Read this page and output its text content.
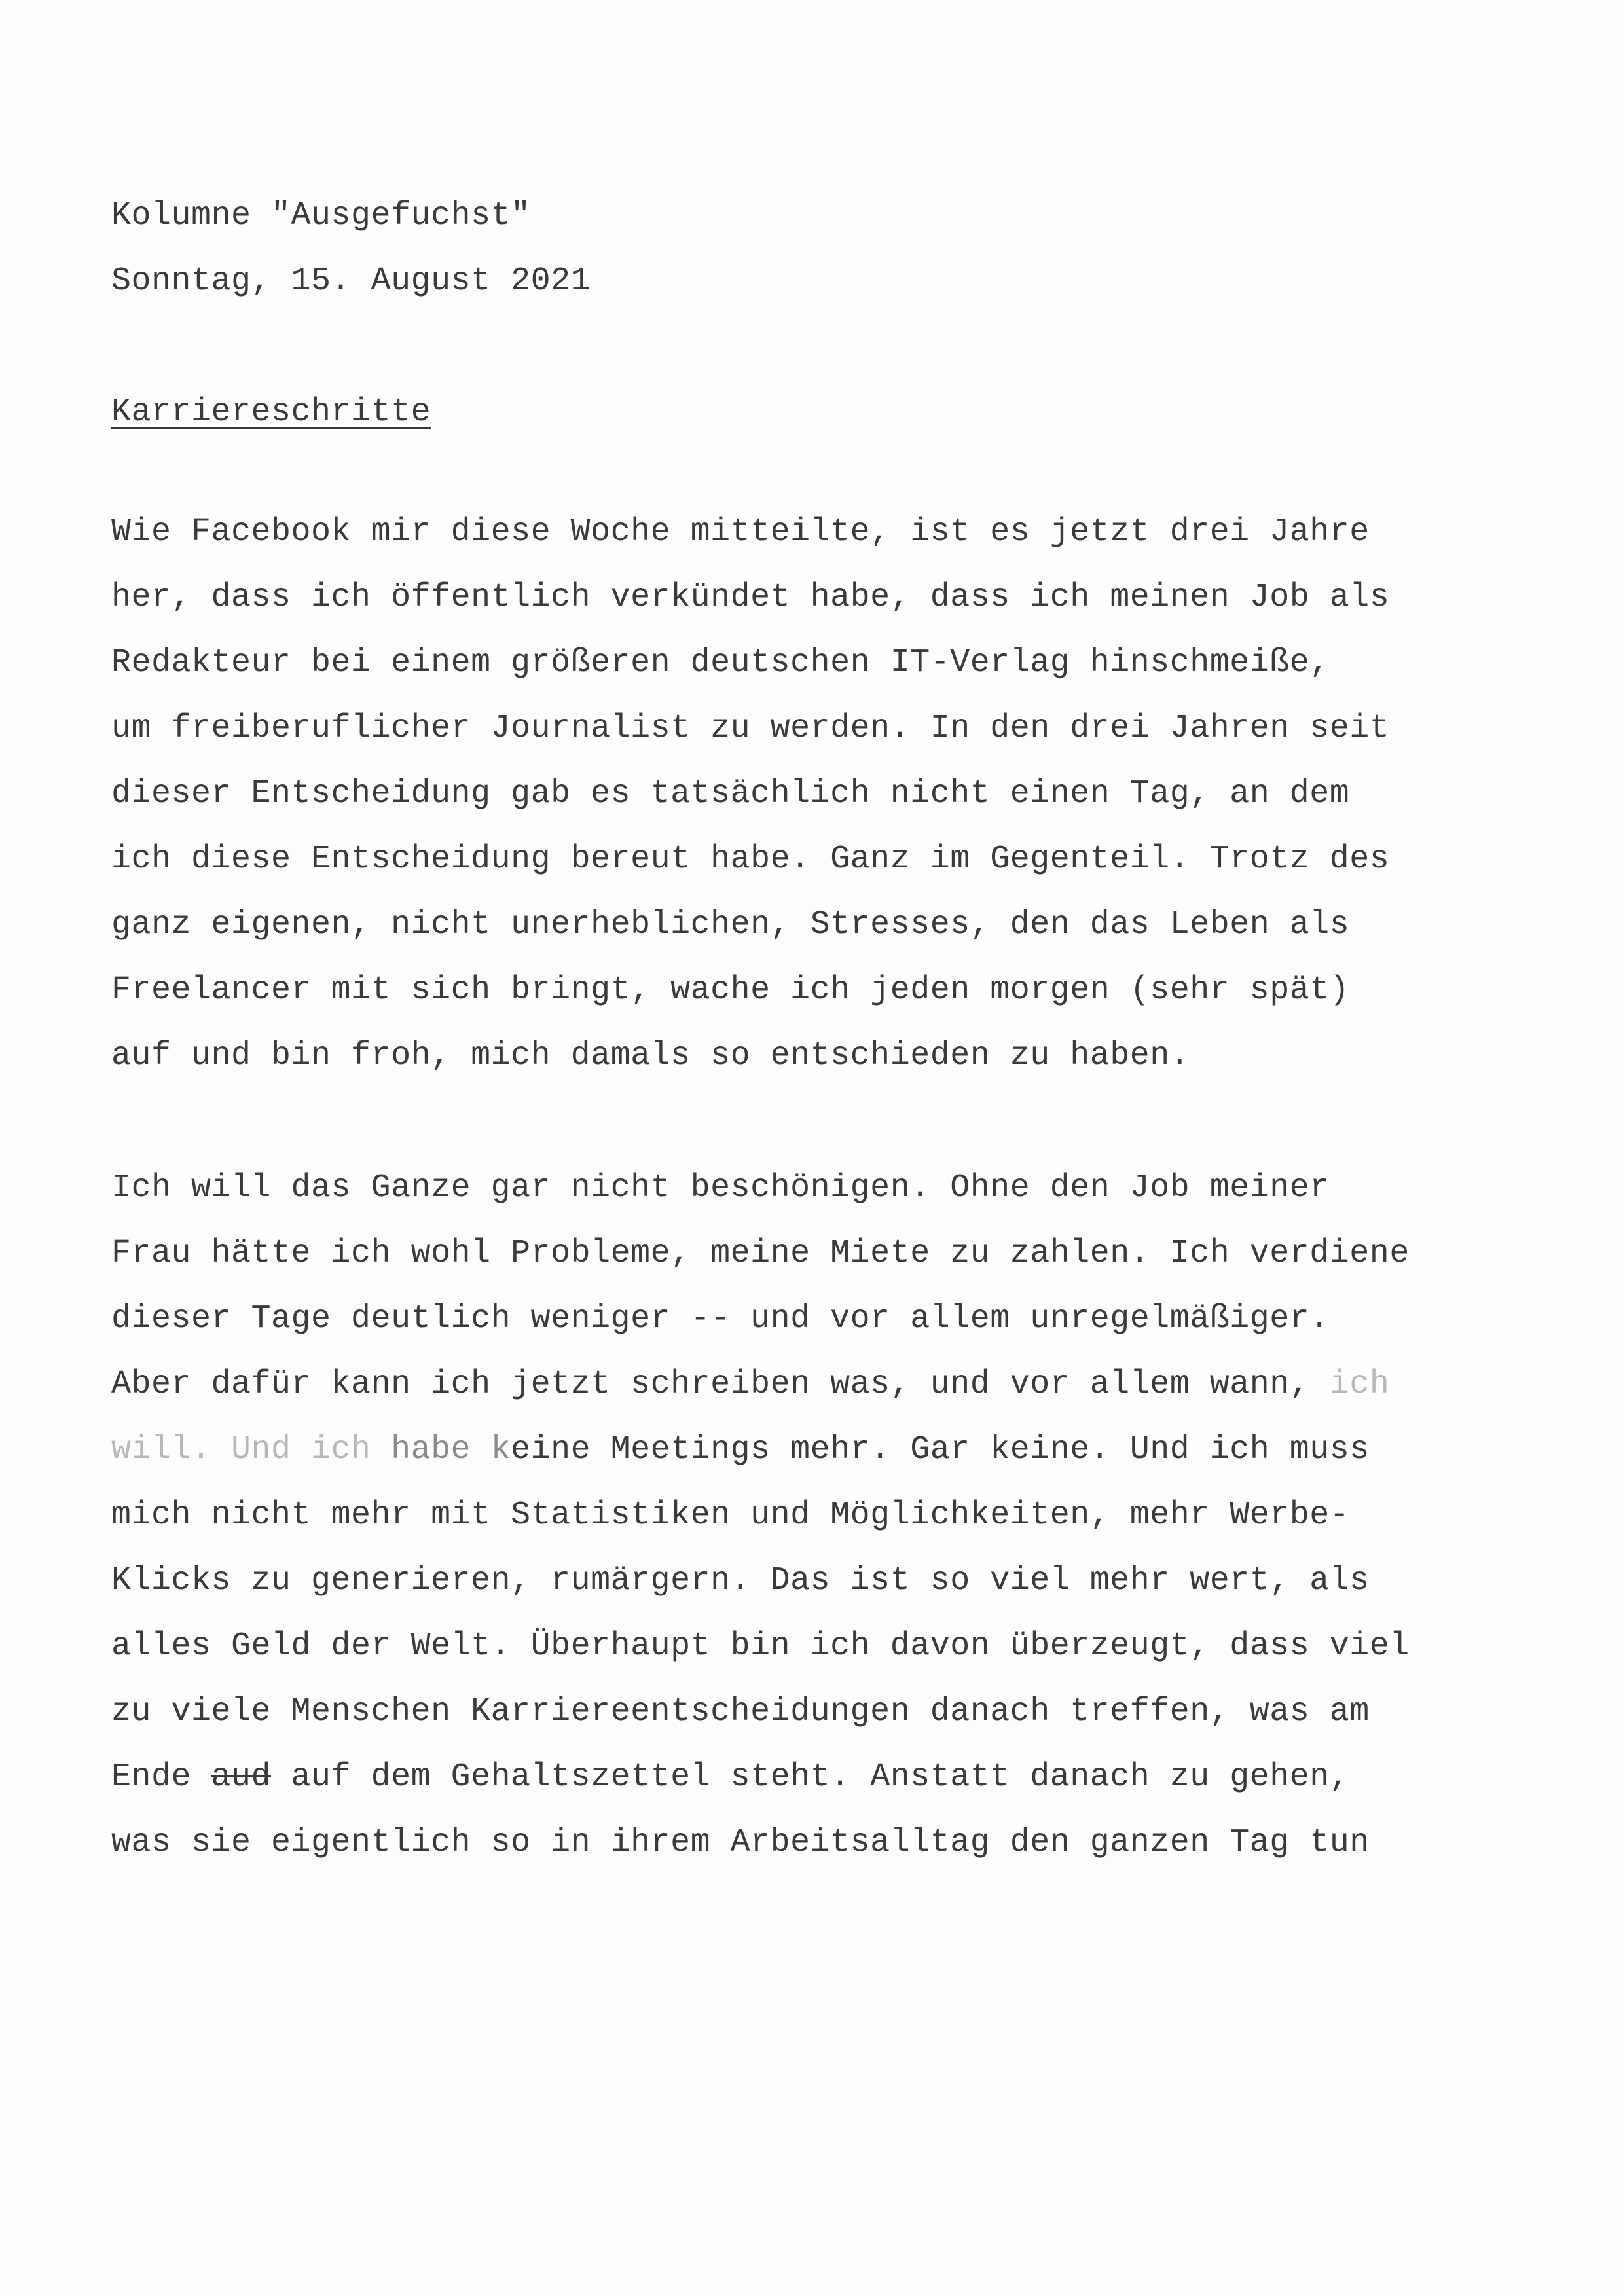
Kolumne "Ausgefuchst"
Sonntag, 15. August 2021
Karriereschritte
Wie Facebook mir diese Woche mitteilte, ist es jetzt drei Jahre
her, dass ich öffentlich verkündet habe, dass ich meinen Job als
Redakteur bei einem größeren deutschen IT-Verlag hinschmeiße,
um freiberuflicher Journalist zu werden. In den drei Jahren seit
dieser Entscheidung gab es tatsächlich nicht einen Tag, an dem
ich diese Entscheidung bereut habe. Ganz im Gegenteil. Trotz des
ganz eigenen, nicht unerheblichen, Stresses, den das Leben als
Freelancer mit sich bringt, wache ich jeden morgen (sehr spät)
auf und bin froh, mich damals so entschieden zu haben.
Ich will das Ganze gar nicht beschönigen. Ohne den Job meiner
Frau hätte ich wohl Probleme, meine Miete zu zahlen. Ich verdiene
dieser Tage deutlich weniger -- und vor allem unregelmäßiger.
Aber dafür kann ich jetzt schreiben was, und vor allem wann, ich
will. Und ich habe keine Meetings mehr. Gar keine. Und ich muss
mich nicht mehr mit Statistiken und Möglichkeiten, mehr Werbe-
Klicks zu generieren, rumärgern. Das ist so viel mehr wert, als
alles Geld der Welt. Überhaupt bin ich davon überzeugt, dass viel
zu viele Menschen Karriereentscheidungen danach treffen, was am
Ende aud auf dem Gehaltszettel steht. Anstatt danach zu gehen,
was sie eigentlich so in ihrem Arbeitsalltag den ganzen Tag tun
